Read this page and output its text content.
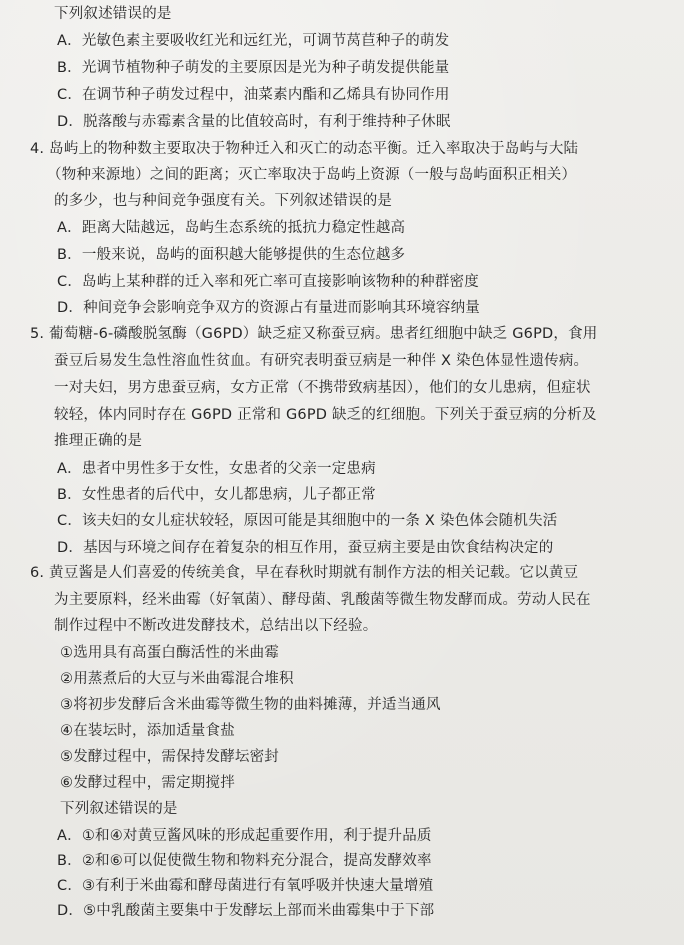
下列叙述错误的是
A．光敏色素主要吸收红光和远红光，可调节莴苣种子的萌发
B．光调节植物种子萌发的主要原因是光为种子萌发提供能量
C．在调节种子萌发过程中，油菜素内酯和乙烯具有协同作用
D．脱落酸与赤霉素含量的比值较高时，有利于维持种子休眠
4. 岛屿上的物种数主要取决于物种迁入和灭亡的动态平衡。迁入率取决于岛屿与大陆
（物种来源地）之间的距离；灭亡率取决于岛屿上资源（一般与岛屿面积正相关）
的多少，也与种间竞争强度有关。下列叙述错误的是
A．距离大陆越远，岛屿生态系统的抵抗力稳定性越高
B．一般来说，岛屿的面积越大能够提供的生态位越多
C．岛屿上某种群的迁入率和死亡率可直接影响该物种的种群密度
D．种间竞争会影响竞争双方的资源占有量进而影响其环境容纳量
5. 葡萄糖-6-磷酸脱氢酶（G6PD）缺乏症又称蚕豆病。患者红细胞中缺乏 G6PD，食用
蚕豆后易发生急性溶血性贫血。有研究表明蚕豆病是一种伴 X 染色体显性遗传病。
一对夫妇，男方患蚕豆病，女方正常（不携带致病基因），他们的女儿患病，但症状
较轻，体内同时存在 G6PD 正常和 G6PD 缺乏的红细胞。下列关于蚕豆病的分析及
推理正确的是
A．患者中男性多于女性，女患者的父亲一定患病
B．女性患者的后代中，女儿都患病，儿子都正常
C．该夫妇的女儿症状较轻，原因可能是其细胞中的一条 X 染色体会随机失活
D．基因与环境之间存在着复杂的相互作用，蚕豆病主要是由饮食结构决定的
6. 黄豆酱是人们喜爱的传统美食，早在春秋时期就有制作方法的相关记载。它以黄豆
为主要原料，经米曲霉（好氧菌）、酵母菌、乳酸菌等微生物发酵而成。劳动人民在
制作过程中不断改进发酵技术，总结出以下经验。
①选用具有高蛋白酶活性的米曲霉
②用蒸煮后的大豆与米曲霉混合堆积
③将初步发酵后含米曲霉等微生物的曲料摊薄，并适当通风
④在装坛时，添加适量食盐
⑤发酵过程中，需保持发酵坛密封
⑥发酵过程中，需定期搅拌
下列叙述错误的是
A．①和④对黄豆酱风味的形成起重要作用，利于提升品质
B．②和⑥可以促使微生物和物料充分混合，提高发酵效率
C．③有利于米曲霉和酵母菌进行有氧呼吸并快速大量增殖
D．⑤中乳酸菌主要集中于发酵坛上部而米曲霉集中于下部
